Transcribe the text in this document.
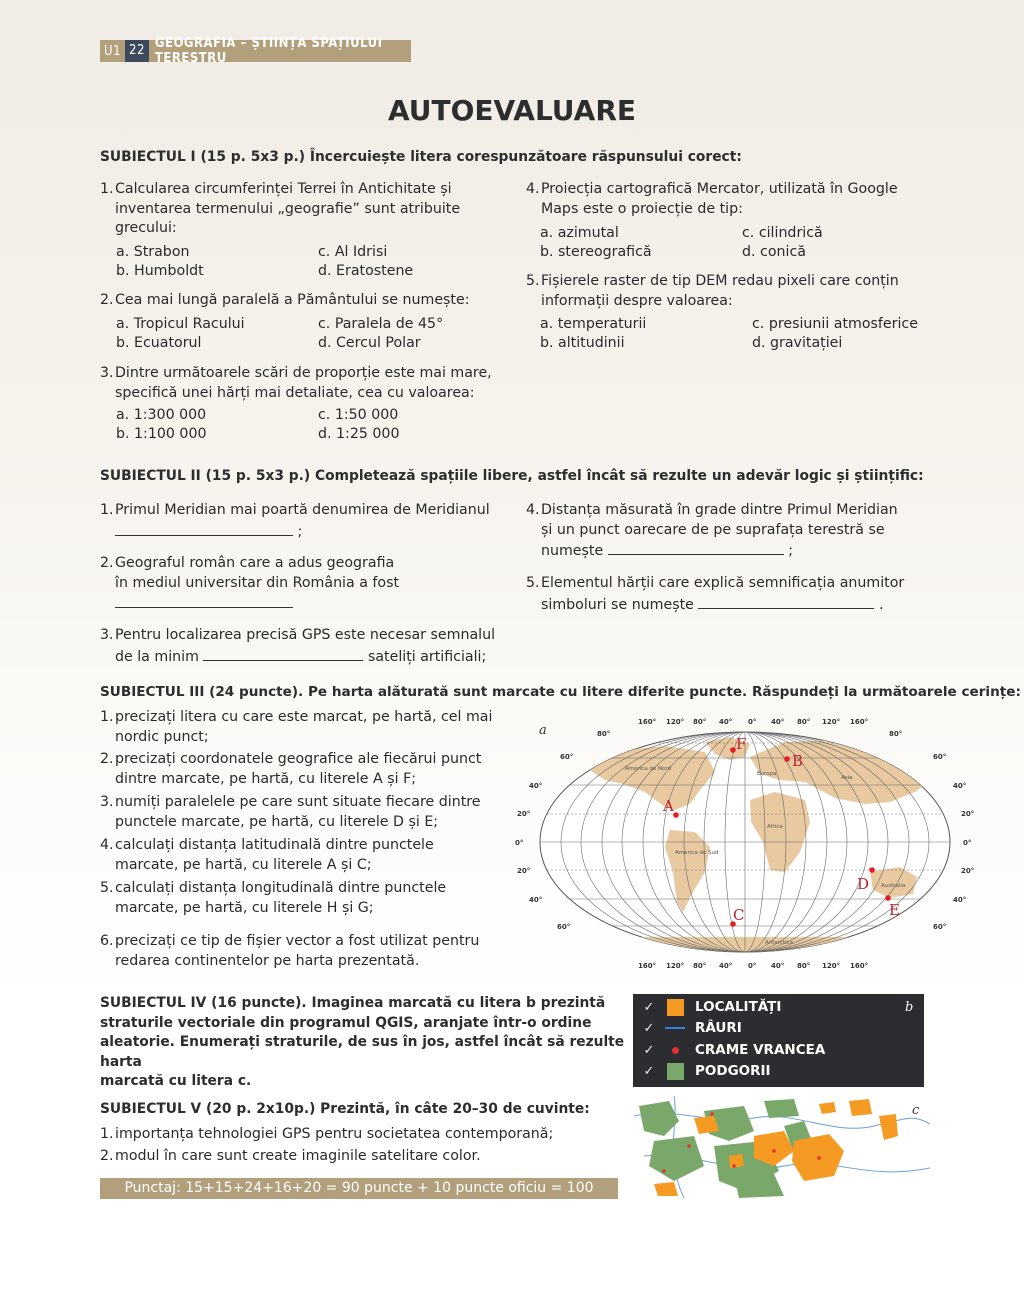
U1 22 GEOGRAFIA – ȘTIINȚA SPAȚIULUI TERESTRU
AUTOEVALUARE
SUBIECTUL I (15 p. 5x3 p.) Încercuiește litera corespunzătoare răspunsului corect:
1. Calcularea circumferinței Terrei în Antichitate și
inventarea termenului „geografie” sunt atribuite
grecului:
a. Strabon
b. Humboldt
c. Al Idrisi
d. Eratostene
2. Cea mai lungă paralelă a Pământului se numește:
a. Tropicul Racului
b. Ecuatorul
c. Paralela de 45°
d. Cercul Polar
3. Dintre următoarele scări de proporție este mai mare,
specifică unei hărți mai detaliate, cea cu valoarea:
a. 1:300 000
b. 1:100 000
c. 1:50 000
d. 1:25 000
4. Proiecția cartografică Mercator, utilizată în Google
Maps este o proiecție de tip:
a. azimutal
b. stereografică
c. cilindrică
d. conică
5. Fișierele raster de tip DEM redau pixeli care conțin
informații despre valoarea:
a. temperaturii
b. altitudinii
c. presiunii atmosferice
d. gravitației
SUBIECTUL II (15 p. 5x3 p.) Completează spațiile libere, astfel încât să rezulte un adevăr logic și științific:
1. Primul Meridian mai poartă denumirea de Meridianul
;
2. Geograful român care a adus geografia
în mediul universitar din România a fost
3. Pentru localizarea precisă GPS este necesar semnalul
de la minim	sateliți artificiali;
4. Distanța măsurată în grade dintre Primul Meridian
și un punct oarecare de pe suprafața terestră se
numește	;
5. Elementul hărții care explică semnificația anumitor
simboluri se numește	.
SUBIECTUL III (24 puncte). Pe harta alăturată sunt marcate cu litere diferite puncte. Răspundeți la următoarele cerințe:
1. precizați litera cu care este marcat, pe hartă, cel mai
nordic punct;
2. precizați coordonatele geografice ale fiecărui punct
dintre marcate, pe hartă, cu literele A și F;
3. numiți paralelele pe care sunt situate fiecare dintre
punctele marcate, pe hartă, cu literele D și E;
4. calculați distanța latitudinală dintre punctele
marcate, pe hartă, cu literele A și C;
5. calculați distanța longitudinală dintre punctele
marcate, pe hartă, cu literele H și G;
6. precizați ce tip de fișier vector a fost utilizat pentru
redarea continentelor pe harta prezentată.
a
160° 120° 80° 40° 0° 40° 80° 120° 160°
160° 120° 80° 40° 0° 40° 80° 120° 160°
80°
60°
40°
20°
0°
20°
40°
60°
80°
60°
40°
20°
0°
20°
40°
60°
America de Nord
Europa
Asia
Africa
America de Sud
Australia
Antarctica
F
B
A
D
E
C
SUBIECTUL IV (16 puncte). Imaginea marcată cu litera b prezintă
straturile vectoriale din programul QGIS, aranjate într-o ordine
aleatorie. Enumerați straturile, de sus în jos, astfel încât să rezulte harta
marcată cu litera c.
b
✓	LOCALITĂȚI
✓	RÂURI
✓	CRAME VRANCEA
✓	PODGORII
SUBIECTUL V (20 p. 2x10p.) Prezintă, în câte 20–30 de cuvinte:
1. importanța tehnologiei GPS pentru societatea contemporană;
2. modul în care sunt create imaginile satelitare color.
c
Punctaj: 15+15+24+16+20 = 90 puncte + 10 puncte oficiu = 100 puncte
